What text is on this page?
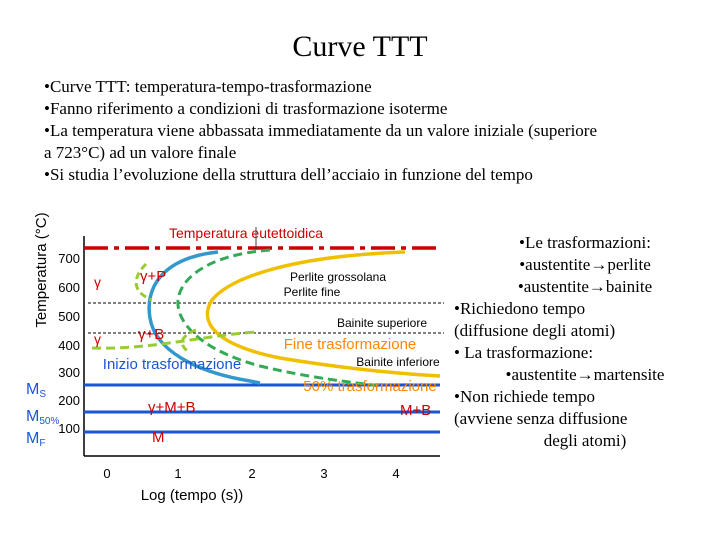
Curve TTT
•Curve TTT: temperatura-tempo-trasformazione
•Fanno riferimento a condizioni di trasformazione isoterme
•La temperatura viene abbassata immediatamente da un valore iniziale (superiore
a 723°C) ad un valore finale
•Si studia l’evoluzione della struttura dell’acciaio in funzione del tempo
Temperatura (°C) 700
600
500
400
300
200
100
0	1	2	3	4
Log (tempo (s))
MS
M50%
MF
Temperatura eutettoidica
γ	γ+P
γ γ+B
Perlite grossolana
Perlite fine
Bainite superiore
Fine trasformazione
Bainite inferiore
Inizio trasformazione
50% trasformazione
γ+M+B	M+B
M
•Le trasformazioni:
•austentite→perlite
•austentite→bainite
•Richiedono tempo
(diffusione degli atomi)
• La trasformazione:
•austentite→martensite
•Non richiede tempo
(avviene senza diffusione
degli atomi)
